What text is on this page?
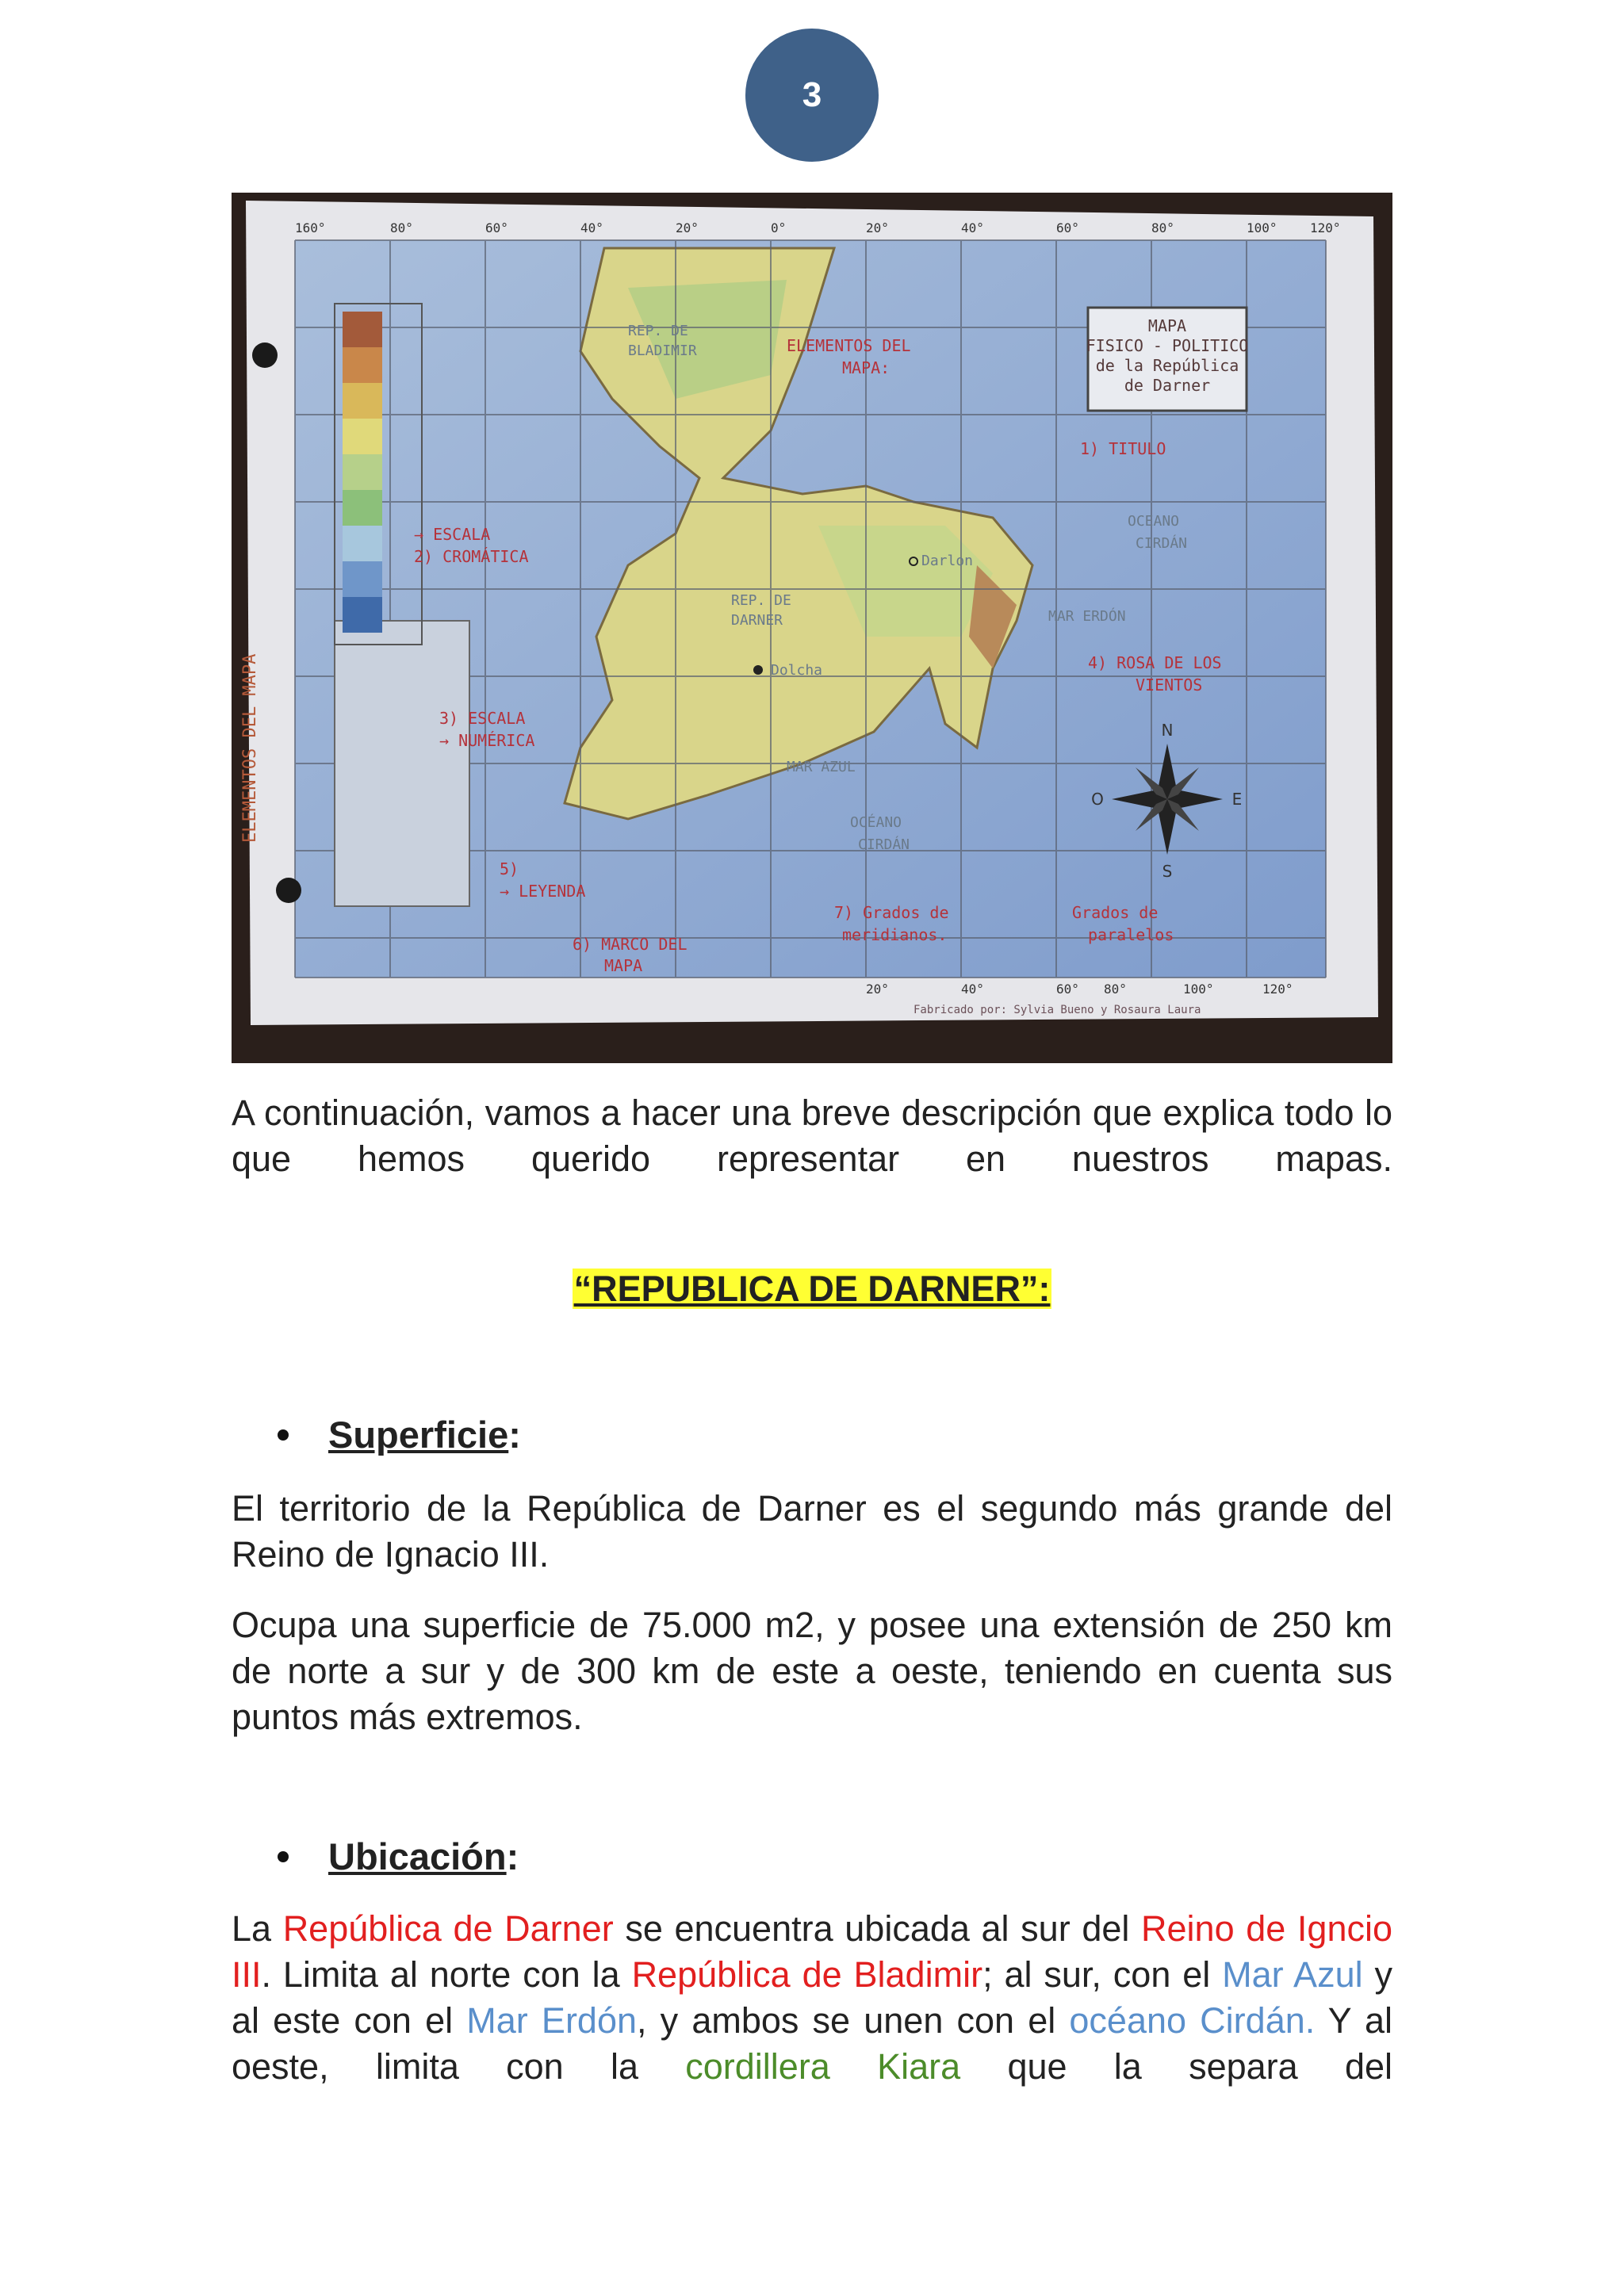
3
MAPA
FISICO - POLITICO
de la República
de Darner
N
S
E
O
ELEMENTOS DEL
MAPA:
1) TITULO
→ ESCALA
2) CROMÁTICA
3) ESCALA
→ NUMÉRICA
5)
→ LEYENDA
6) MARCO DEL
MAPA
4) ROSA DE LOS
VIENTOS
7) Grados de
meridianos.
Grados de
paralelos
OCEANO
CIRDÁN
OCÉANO
CIRDÁN
REP. DE
BLADIMIR
REP. DE
DARNER
MAR AZUL
MAR ERDÓN
Dolcha
Darlon
160°	80°	60°	40°	20°	0°	20°	40°	60°	80°	100°	120°
20°	40°	60° 80°	100°	120°
Fabricado por: Sylvia Bueno y Rosaura Laura
ELEMENTOS DEL MAPA

A continuación, vamos a hacer una breve descripción que explica todo lo que hemos querido representar en nuestros mapas.

“REPUBLICA DE DARNER”:
Superficie :

El territorio de la República de Darner es el segundo más grande del Reino de Ignacio III.

Ocupa una superficie de 75.000 m2, y posee una extensión de 250 km de norte a sur y de 300 km de este a oeste, teniendo en cuenta sus puntos más extremos.

Ubicación :

La República de Darner se encuentra ubicada al sur del Reino de Igncio III. Limita al norte con la República de Bladimir; al sur, con el Mar Azul y al este con el Mar Erdón, y ambos se unen con el océano Cirdán. Y al oeste, limita con la cordillera Kiara que la separa del
